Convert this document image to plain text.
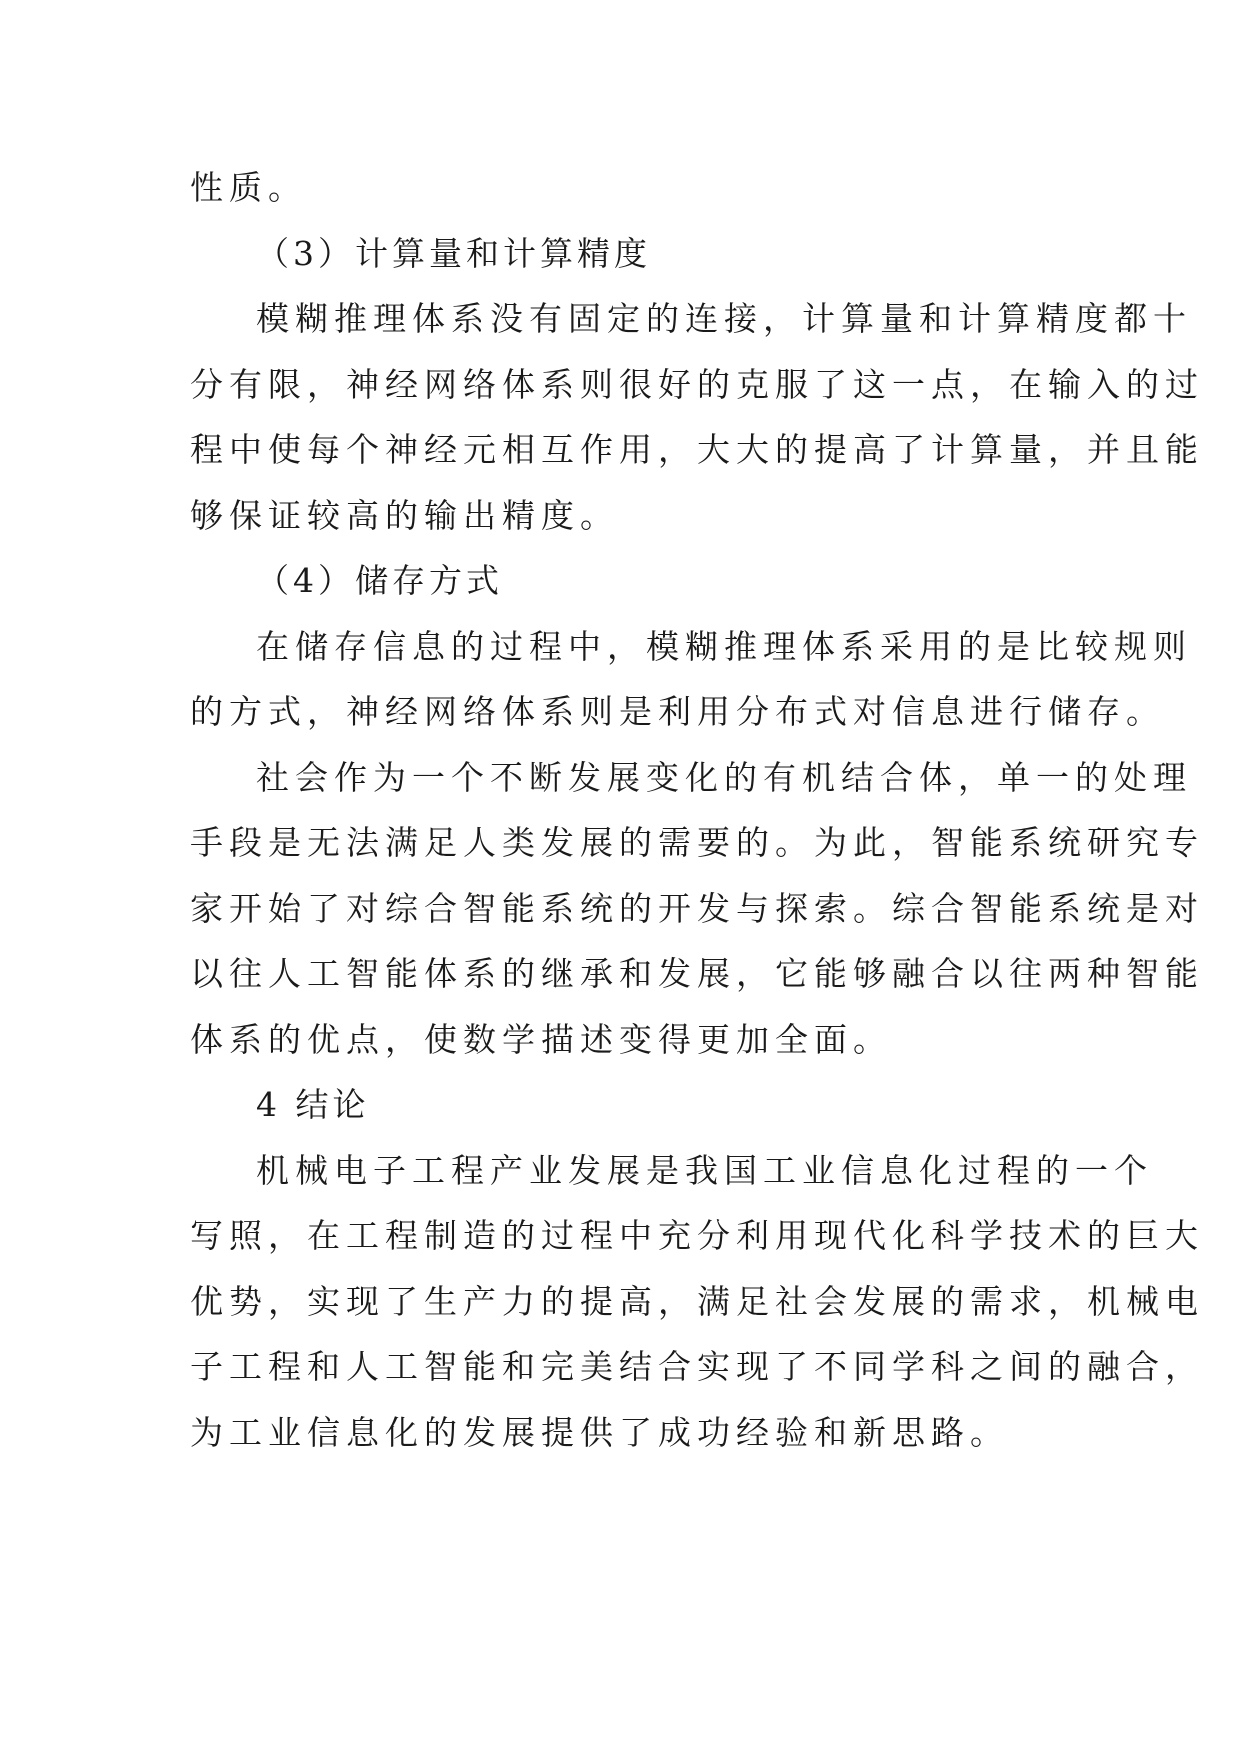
性质。
（3）计算量和计算精度
模糊推理体系没有固定的连接，计算量和计算精度都十
分有限，神经网络体系则很好的克服了这一点，在输入的过
程中使每个神经元相互作用，大大的提高了计算量，并且能
够保证较高的输出精度。
（4）储存方式
在储存信息的过程中，模糊推理体系采用的是比较规则
的方式，神经网络体系则是利用分布式对信息进行储存。
社会作为一个不断发展变化的有机结合体，单一的处理
手段是无法满足人类发展的需要的。为此，智能系统研究专
家开始了对综合智能系统的开发与探索。综合智能系统是对
以往人工智能体系的继承和发展，它能够融合以往两种智能
体系的优点，使数学描述变得更加全面。
4 结论
机械电子工程产业发展是我国工业信息化过程的一个
写照，在工程制造的过程中充分利用现代化科学技术的巨大
优势，实现了生产力的提高，满足社会发展的需求，机械电
子工程和人工智能和完美结合实现了不同学科之间的融合，
为工业信息化的发展提供了成功经验和新思路。
